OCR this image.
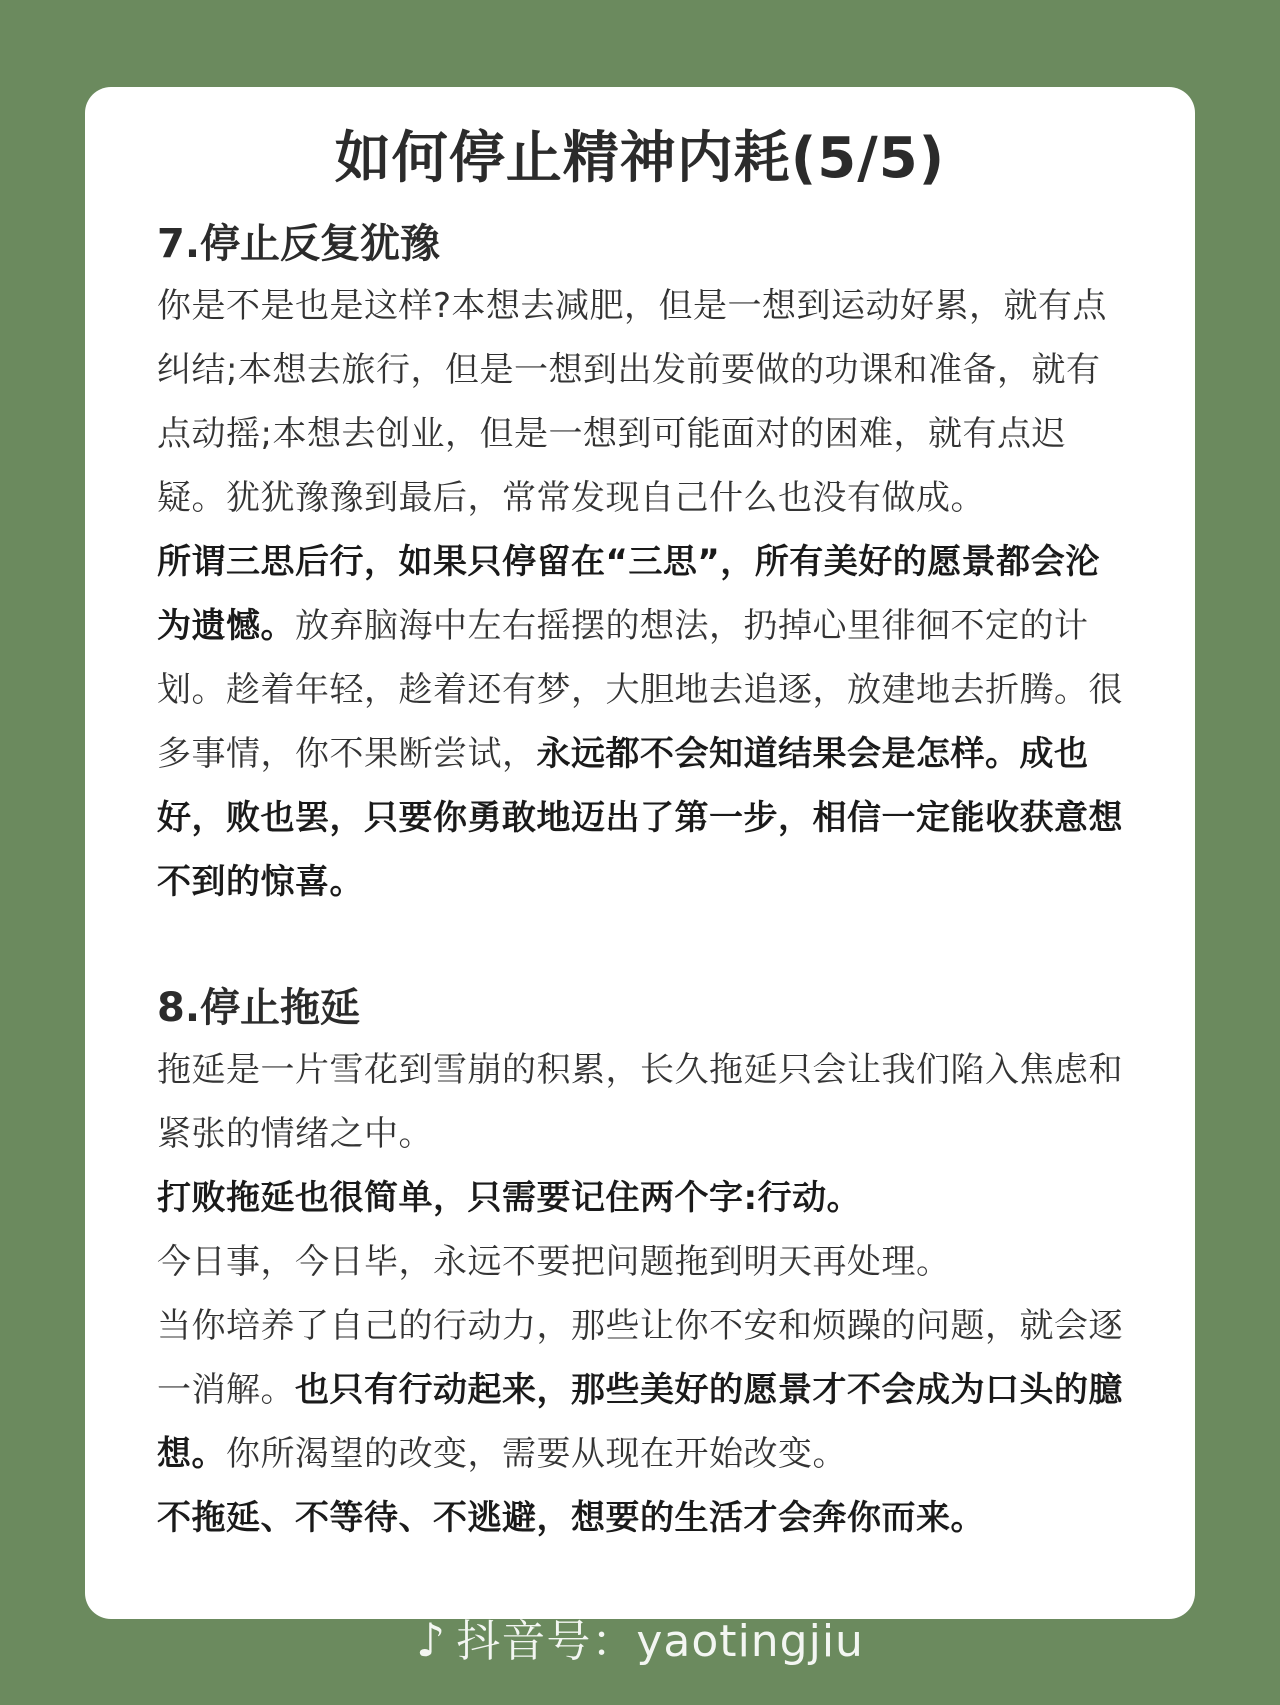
如何停止精神内耗(5/5)
7.停止反复犹豫

你是不是也是这样?本想去减肥，但是一想到运动好累，就有点纠结;本想去旅行，但是一想到出发前要做的功课和准备，就有点动摇;本想去创业，但是一想到可能面对的困难，就有点迟疑。犹犹豫豫到最后，常常发现自己什么也没有做成。

所谓三思后行，如果只停留在“三思”，所有美好的愿景都会沦为遗憾。放弃脑海中左右摇摆的想法，扔掉心里徘徊不定的计划。趁着年轻，趁着还有梦，大胆地去追逐，放建地去折腾。很多事情，你不果断尝试，永远都不会知道结果会是怎样。成也好，败也罢，只要你勇敢地迈出了第一步，相信一定能收获意想不到的惊喜。

8.停止拖延

拖延是一片雪花到雪崩的积累，长久拖延只会让我们陷入焦虑和紧张的情绪之中。

打败拖延也很简单，只需要记住两个字:行动。

今日事，今日毕，永远不要把问题拖到明天再处理。

当你培养了自己的行动力，那些让你不安和烦躁的问题，就会逐一消解。也只有行动起来，那些美好的愿景才不会成为口头的臆想。你所渴望的改变，需要从现在开始改变。

不拖延、不等待、不逃避，想要的生活才会奔你而来。

♪ 抖音号：yaotingjiu
